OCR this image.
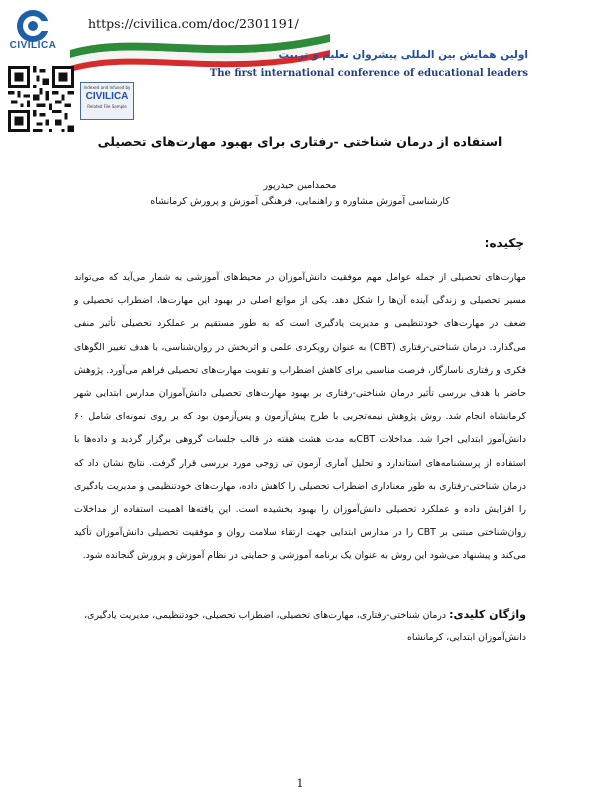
CIVILICA
https://civilica.com/doc/2301191/
اولین همایش بین المللی پیشروان تعلیم و تربیت
The first international conference of educational leaders
Indexed and Infused by
CIVILICA
Related File Sample
استفاده از درمان شناختی -رفتاری برای بهبود مهارت‌های تحصیلی
محمدامین حیدرپور
کارشناسی آموزش مشاوره و راهنمایی، فرهنگی آموزش و پرورش کرمانشاه
چکیده:
مهارت‌های تحصیلی از جمله عوامل مهم موفقیت دانش‌آموزان در محیط‌های آموزشی به شمار می‌آید که می‌تواند مسیر تحصیلی و زندگی آینده آن‌ها را شکل دهد. یکی از موانع اصلی در بهبود این مهارت‌ها، اضطراب تحصیلی و ضعف در مهارت‌های خودتنظیمی و مدیریت یادگیری است که به طور مستقیم بر عملکرد تحصیلی تأثیر منفی می‌گذارد. درمان شناختی-رفتاری (CBT) به عنوان رویکردی علمی و اثربخش در روان‌شناسی، با هدف تغییر الگوهای فکری و رفتاری ناسازگار، فرصت مناسبی برای کاهش اضطراب و تقویت مهارت‌های تحصیلی فراهم می‌آورد. پژوهش حاضر با هدف بررسی تأثیر درمان شناختی-رفتاری بر بهبود مهارت‌های تحصیلی دانش‌آموزان مدارس ابتدایی شهر کرمانشاه انجام شد. روش پژوهش نیمه‌تجربی با طرح پیش‌آزمون و پس‌آزمون بود که بر روی نمونه‌ای شامل ۶۰ دانش‌آموز ابتدایی اجرا شد. مداخلات CBTبه مدت هشت هفته در قالب جلسات گروهی برگزار گردید و داده‌ها با استفاده از پرسشنامه‌های استاندارد و تحلیل آماری آزمون تی زوجی مورد بررسی قرار گرفت. نتایج نشان داد که درمان شناختی-رفتاری به طور معناداری اضطراب تحصیلی را کاهش داده، مهارت‌های خودتنظیمی و مدیریت یادگیری را افزایش داده و عملکرد تحصیلی دانش‌آموزان را بهبود بخشیده است. این یافته‌ها اهمیت استفاده از مداخلات روان‌شناختی مبتنی بر CBT را در مدارس ابتدایی جهت ارتقاء سلامت روان و موفقیت تحصیلی دانش‌آموزان تأکید می‌کند و پیشنهاد می‌شود این روش به عنوان یک برنامه آموزشی و حمایتی در نظام آموزش و پرورش گنجانده شود.
واژگان کلیدی: درمان شناختی-رفتاری، مهارت‌های تحصیلی، اضطراب تحصیلی، خودتنظیمی، مدیریت یادگیری، دانش‌آموزان ابتدایی، کرمانشاه
1
